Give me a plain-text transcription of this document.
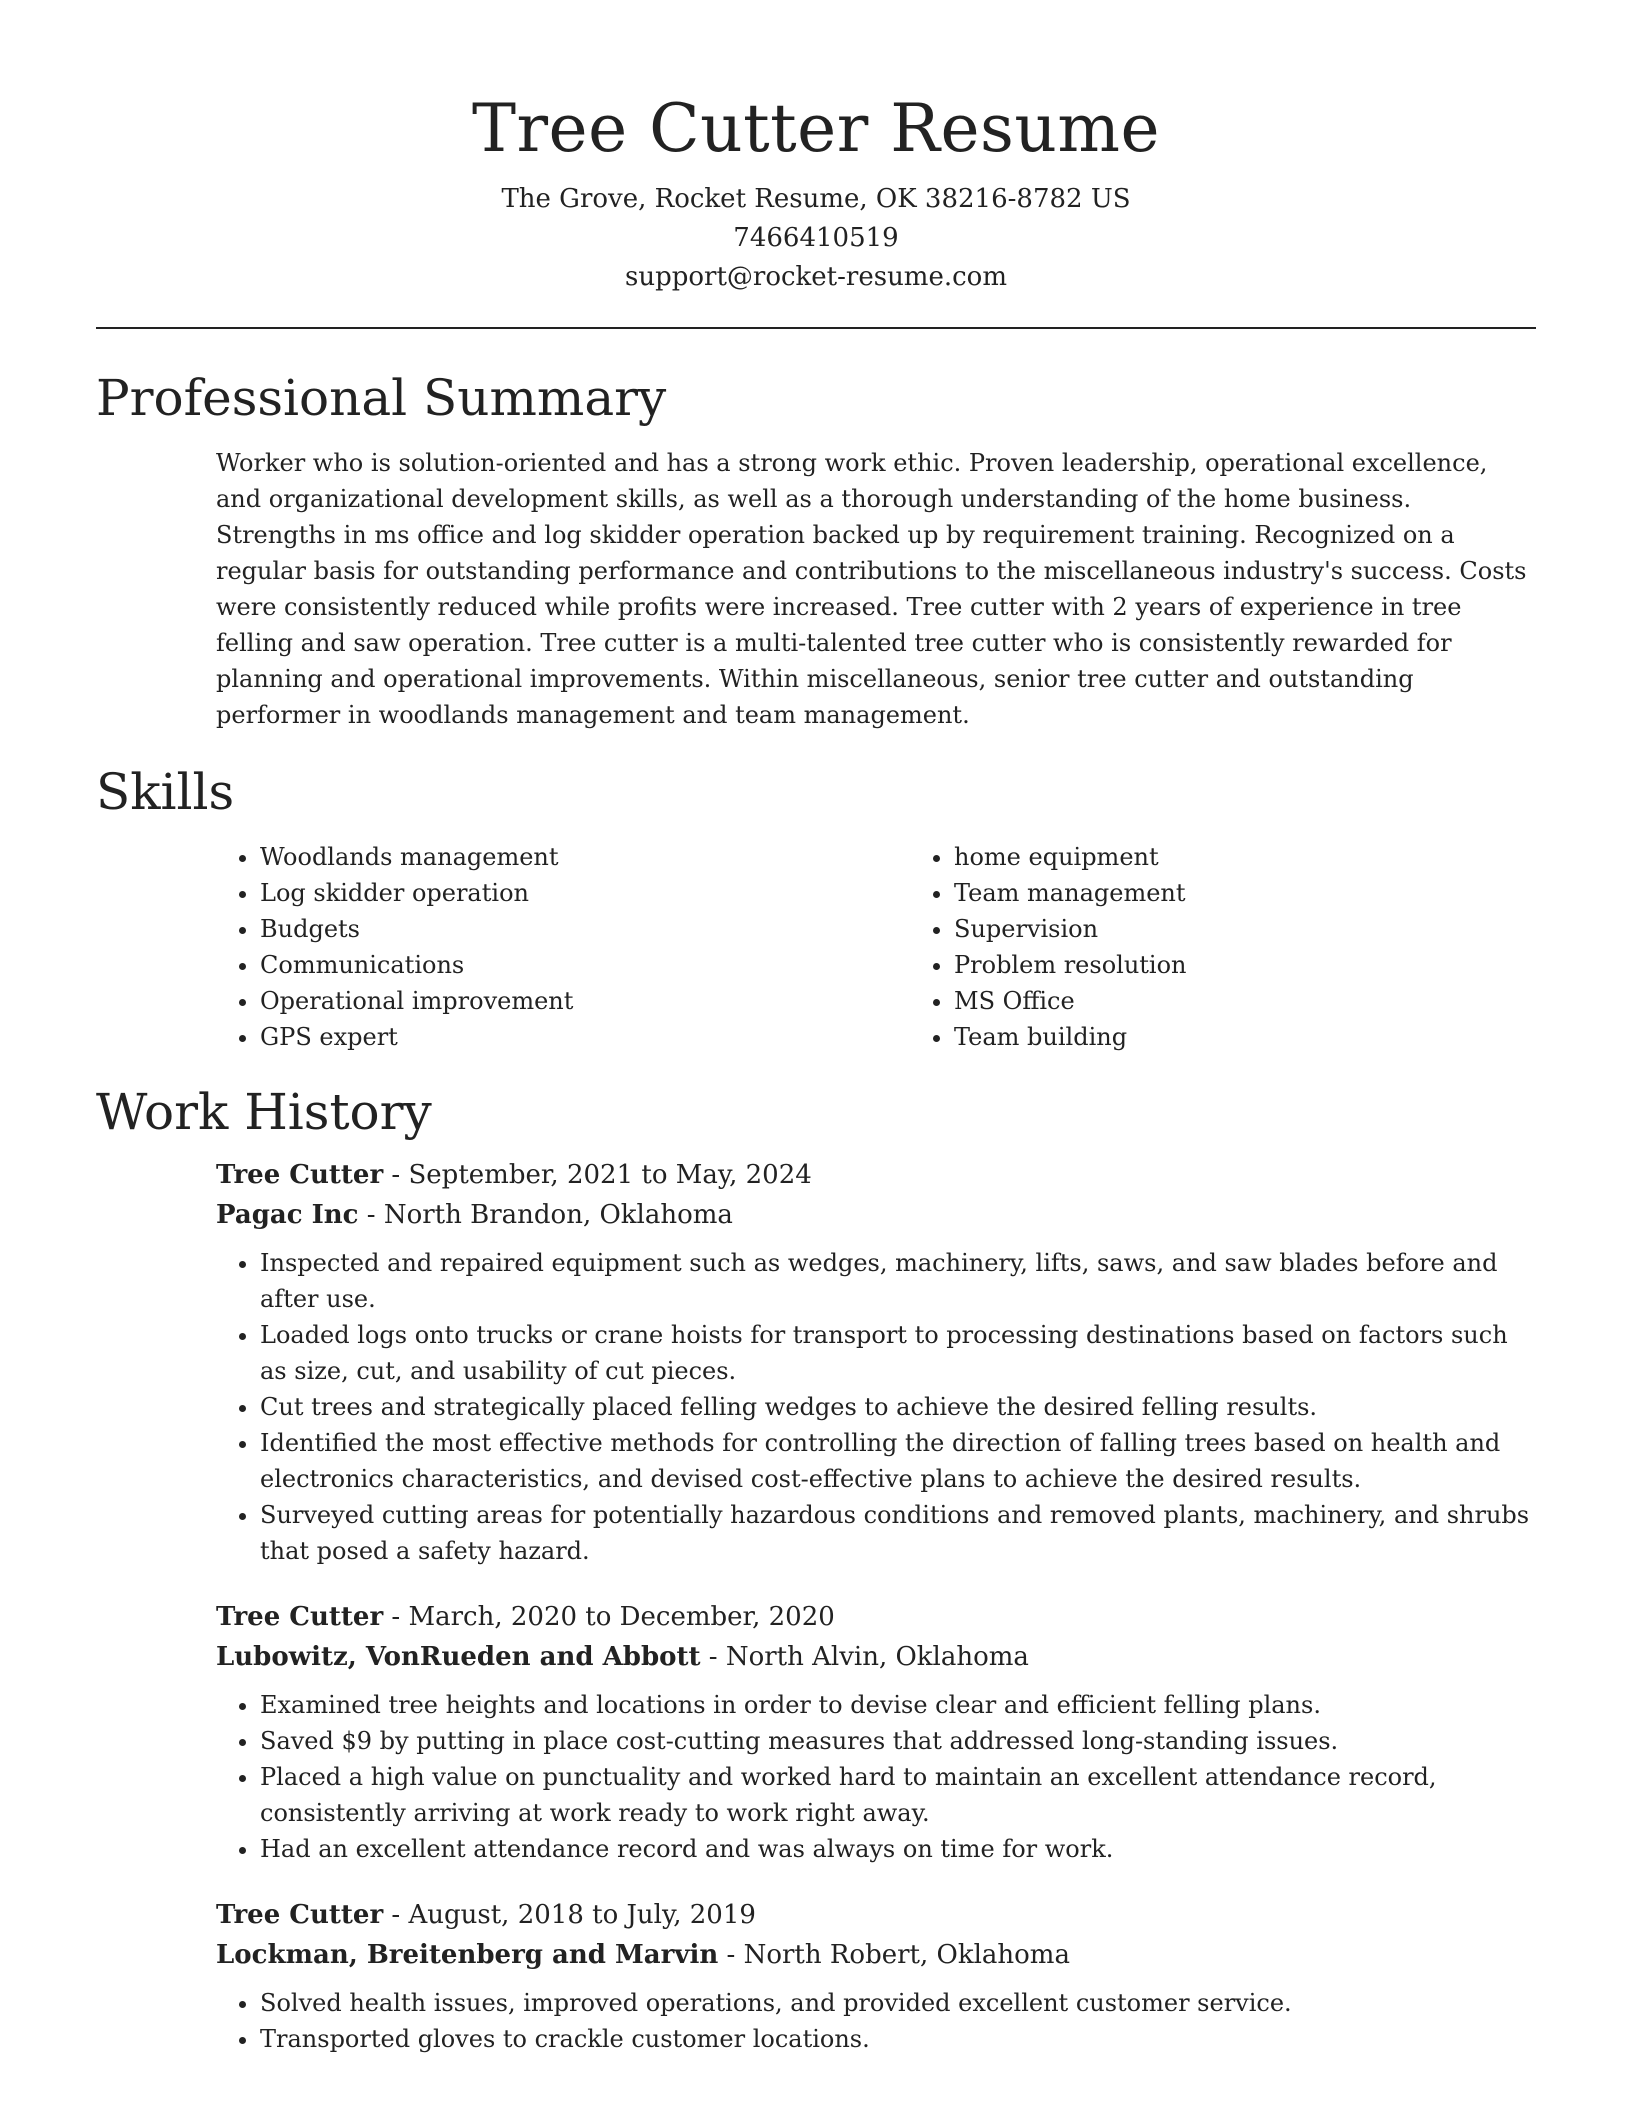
Tree Cutter Resume
The Grove, Rocket Resume, OK 38216-8782 US
7466410519
support@rocket-resume.com
Professional Summary

Worker who is solution-oriented and has a strong work ethic. Proven leadership, operational excellence, and organizational development skills, as well as a thorough understanding of the home business. Strengths in ms office and log skidder operation backed up by requirement training. Recognized on a regular basis for outstanding performance and contributions to the miscellaneous industry's success. Costs were consistently reduced while profits were increased. Tree cutter with 2 years of experience in tree felling and saw operation. Tree cutter is a multi-talented tree cutter who is consistently rewarded for planning and operational improvements. Within miscellaneous, senior tree cutter and outstanding performer in woodlands management and team management.

Skills
• Woodlands management
• Log skidder operation
• Budgets
• Communications
• Operational improvement
• GPS expert
• home equipment
• Team management
• Supervision
• Problem resolution
• MS Office
• Team building
Work History
Tree Cutter - September, 2021 to May, 2024
Pagac Inc - North Brandon, Oklahoma
• Inspected and repaired equipment such as wedges, machinery, lifts, saws, and saw blades before and after use.
• Loaded logs onto trucks or crane hoists for transport to processing destinations based on factors such as size, cut, and usability of cut pieces.
• Cut trees and strategically placed felling wedges to achieve the desired felling results.
• Identified the most effective methods for controlling the direction of falling trees based on health and electronics characteristics, and devised cost-effective plans to achieve the desired results.
• Surveyed cutting areas for potentially hazardous conditions and removed plants, machinery, and shrubs that posed a safety hazard.
Tree Cutter - March, 2020 to December, 2020
Lubowitz, VonRueden and Abbott - North Alvin, Oklahoma
• Examined tree heights and locations in order to devise clear and efficient felling plans.
• Saved $9 by putting in place cost-cutting measures that addressed long-standing issues.
• Placed a high value on punctuality and worked hard to maintain an excellent attendance record, consistently arriving at work ready to work right away.
• Had an excellent attendance record and was always on time for work.
Tree Cutter - August, 2018 to July, 2019
Lockman, Breitenberg and Marvin - North Robert, Oklahoma
• Solved health issues, improved operations, and provided excellent customer service.
• Transported gloves to crackle customer locations.
